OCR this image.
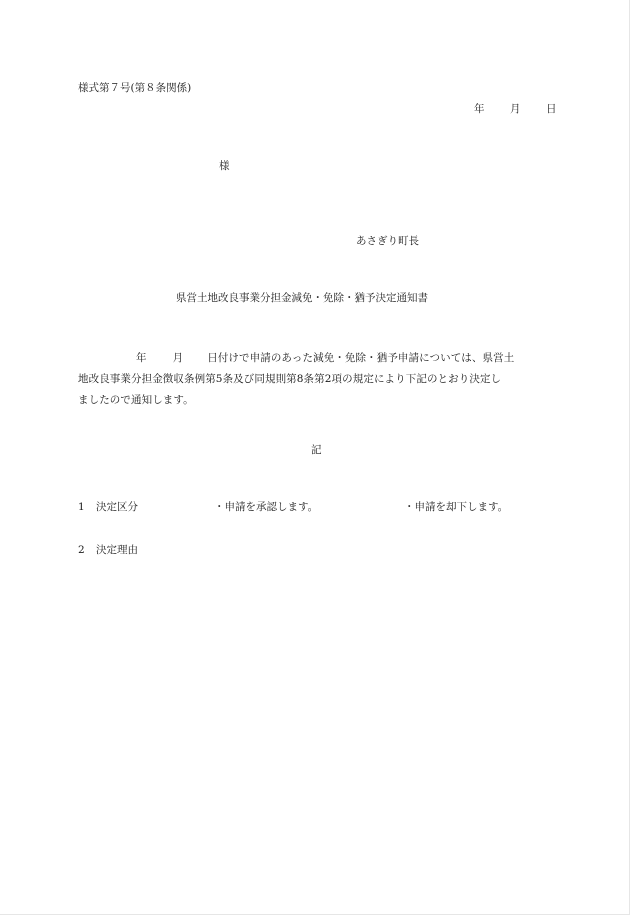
様式第７号(第８条関係)
年 月 日
様
あさぎり町長
県営土地改良事業分担金減免・免除・猶予決定通知書
年 月 日付けで申請のあった減免・免除・猶予申請については、県営土
地改良事業分担金徴収条例第5条及び同規則第8条第2項の規定により下記のとおり決定し
ましたので通知します。
記
1 決定区分	・申請を承認します。	・申請を却下します。
2 決定理由
